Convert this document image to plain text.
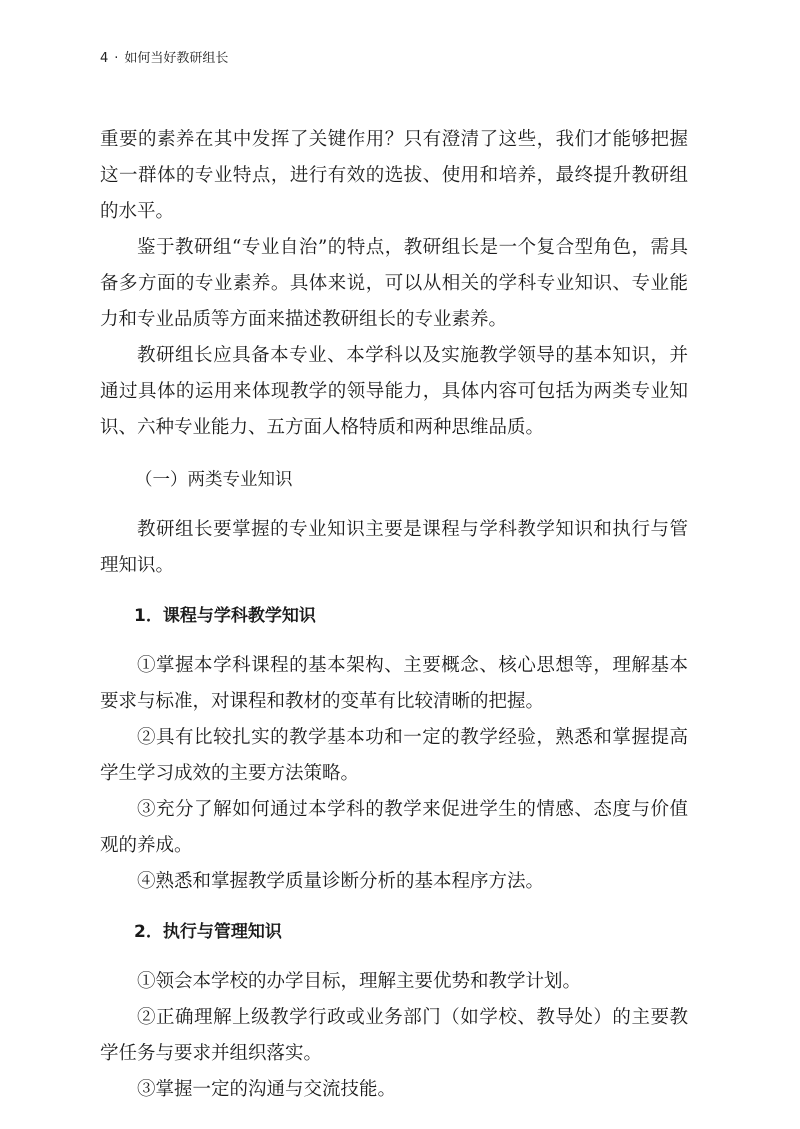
4 · 如何当好教研组长

重要的素养在其中发挥了关键作用？只有澄清了这些，我们才能够把握这一群体的专业特点，进行有效的选拔、使用和培养，最终提升教研组的水平。

鉴于教研组“专业自治”的特点，教研组长是一个复合型角色，需具备多方面的专业素养。具体来说，可以从相关的学科专业知识、专业能力和专业品质等方面来描述教研组长的专业素养。

教研组长应具备本专业、本学科以及实施教学领导的基本知识，并通过具体的运用来体现教学的领导能力，具体内容可包括为两类专业知识、六种专业能力、五方面人格特质和两种思维品质。

（一）两类专业知识

教研组长要掌握的专业知识主要是课程与学科教学知识和执行与管理知识。

1．课程与学科教学知识

①掌握本学科课程的基本架构、主要概念、核心思想等，理解基本要求与标准，对课程和教材的变革有比较清晰的把握。

②具有比较扎实的教学基本功和一定的教学经验，熟悉和掌握提高学生学习成效的主要方法策略。

③充分了解如何通过本学科的教学来促进学生的情感、态度与价值观的养成。

④熟悉和掌握教学质量诊断分析的基本程序方法。

2．执行与管理知识

①领会本学校的办学目标，理解主要优势和教学计划。

②正确理解上级教学行政或业务部门（如学校、教导处）的主要教学任务与要求并组织落实。

③掌握一定的沟通与交流技能。
